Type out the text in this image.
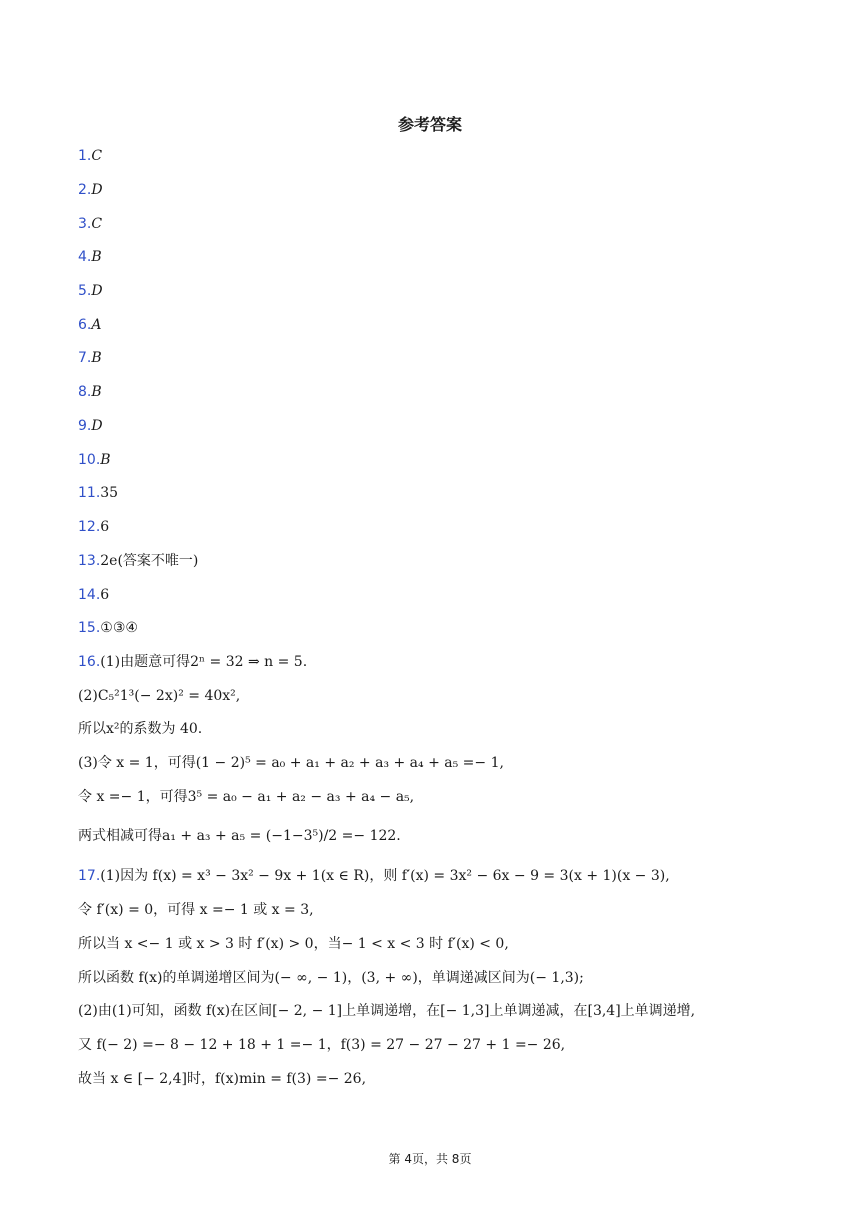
参考答案
1.C
2.D
3.C
4.B
5.D
6.A
7.B
8.B
9.D
10.B
11.35
12.6
13.2e(答案不唯一)
14.6
15.①③④
16.(1)由题意可得2ⁿ = 32 ⇒ n = 5.
(2)C₅²1³(− 2x)² = 40x²,
所以x²的系数为 40.
(3)令 x = 1，可得(1 − 2)⁵ = a₀ + a₁ + a₂ + a₃ + a₄ + a₅ =− 1,
令 x =− 1，可得3⁵ = a₀ − a₁ + a₂ − a₃ + a₄ − a₅,
两式相减可得a₁ + a₃ + a₅ = (−1−3⁵)/2 =− 122.
17.(1)因为 f(x) = x³ − 3x² − 9x + 1(x ∈ R)，则 f′(x) = 3x² − 6x − 9 = 3(x + 1)(x − 3),
令 f′(x) = 0，可得 x =− 1 或 x = 3,
所以当 x <− 1 或 x > 3 时 f′(x) > 0，当− 1 < x < 3 时 f′(x) < 0,
所以函数 f(x)的单调递增区间为(− ∞, − 1)，(3, + ∞)，单调递减区间为(− 1,3);
(2)由(1)可知，函数 f(x)在区间[− 2, − 1]上单调递增，在[− 1,3]上单调递减，在[3,4]上单调递增,
又 f(− 2) =− 8 − 12 + 18 + 1 =− 1，f(3) = 27 − 27 − 27 + 1 =− 26,
故当 x ∈ [− 2,4]时，f(x)min = f(3) =− 26,
第 4页，共 8页
